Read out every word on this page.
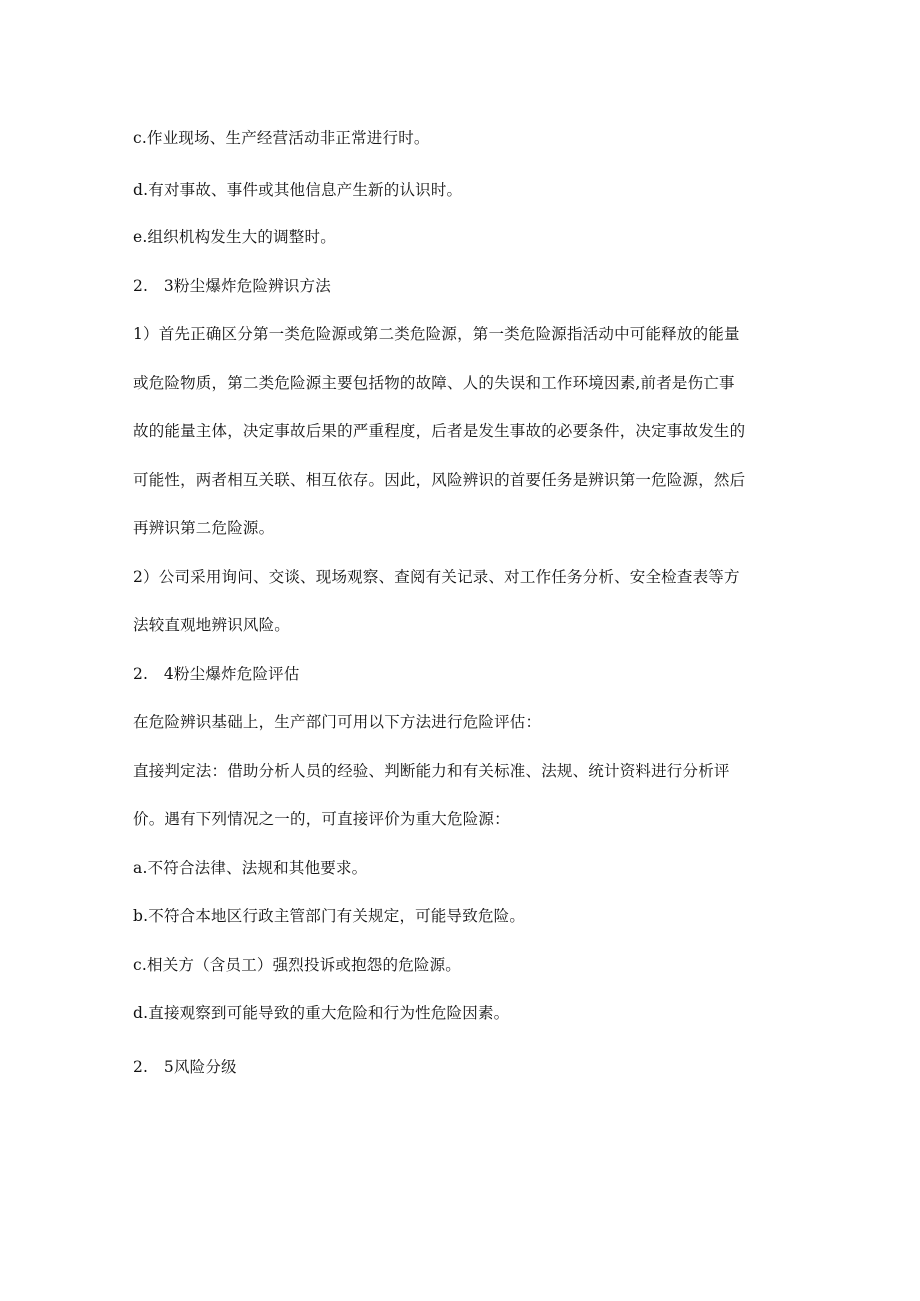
c.作业现场、生产经营活动非正常进行时。
d.有对事故、事件或其他信息产生新的认识时。
e.组织机构发生大的调整时。
2.　3粉尘爆炸危险辨识方法
1）首先正确区分第一类危险源或第二类危险源，第一类危险源指活动中可能释放的能量
或危险物质，第二类危险源主要包括物的故障、人的失误和工作环境因素,前者是伤亡事
故的能量主体，决定事故后果的严重程度，后者是发生事故的必要条件，决定事故发生的
可能性，两者相互关联、相互依存。因此，风险辨识的首要任务是辨识第一危险源，然后
再辨识第二危险源。
2）公司采用询问、交谈、现场观察、查阅有关记录、对工作任务分析、安全检查表等方
法较直观地辨识风险。
2.　4粉尘爆炸危险评估
在危险辨识基础上，生产部门可用以下方法进行危险评估：
直接判定法：借助分析人员的经验、判断能力和有关标准、法规、统计资料进行分析评
价。遇有下列情况之一的，可直接评价为重大危险源：
a.不符合法律、法规和其他要求。
b.不符合本地区行政主管部门有关规定，可能导致危险。
c.相关方（含员工）强烈投诉或抱怨的危险源。
d.直接观察到可能导致的重大危险和行为性危险因素。
2.　5风险分级
